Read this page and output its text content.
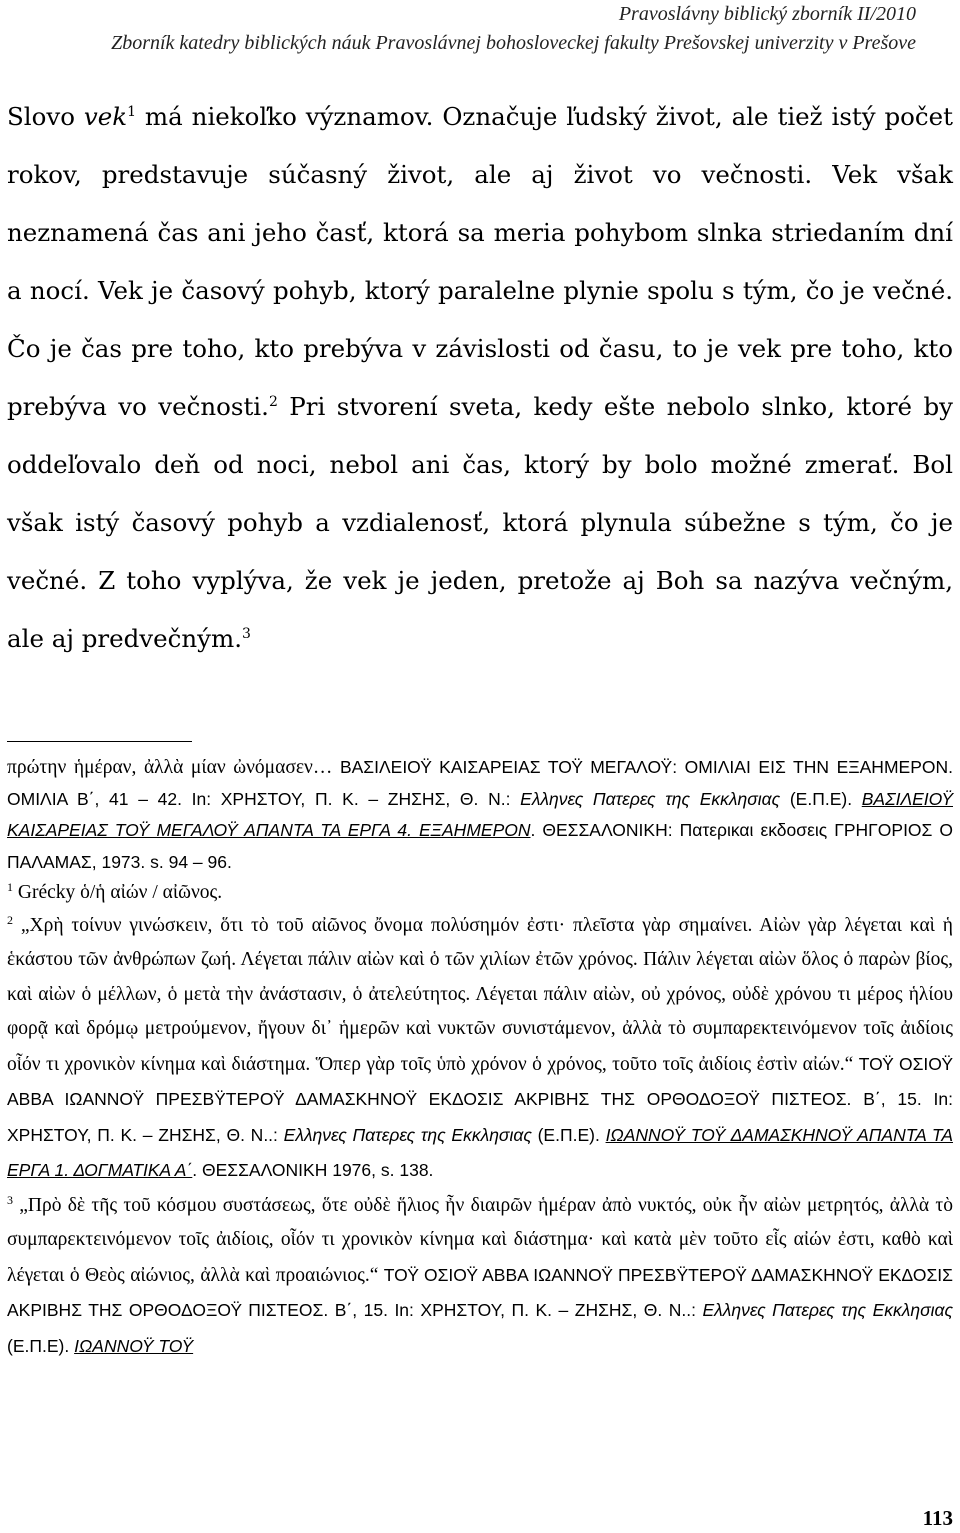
Pravoslávny biblický zborník II/2010
Zborník katedry biblických náuk Pravoslávnej bohosloveckej fakulty Prešovskej univerzity v Prešove

Slovo vek$^1$ má niekoľko významov. Označuje ľudský život, ale tiež istý počet rokov, predstavuje súčasný život, ale aj život vo večnosti. Vek však neznamená čas ani jeho časť, ktorá sa meria pohybom slnka striedaním dní a nocí. Vek je časový pohyb, ktorý paralelne plynie spolu s tým, čo je večné. Čo je čas pre toho, kto prebýva v závislosti od času, to je vek pre toho, kto prebýva vo večnosti.$^2$ Pri stvorení sveta, kedy ešte nebolo slnko, ktoré by oddeľovalo deň od noci, nebol ani čas, ktorý by bolo možné zmerať. Bol však istý časový pohyb a vzdialenosť, ktorá plynula súbežne s tým, čo je večné. Z toho vyplýva, že vek je jeden, pretože aj Boh sa nazýva večným, ale aj predvečným.$^3$

πρώτην ἡμέραν, ἀλλὰ μίαν ὠνόμασεν… ΒΑΣΙΛΕΙΟΫ ΚΑΙΣΑΡΕΙΑΣ ΤΟΫ ΜΕΓΑΛΟΫ: ΟΜΙΛΙΑΙ ΕΙΣ ΤΗΝ ΕΞΑΗΜΕΡΟΝ. ΟΜΙΛΙΑ Β΄, 41 – 42. In: ΧΡΗΣΤΟΥ, Π. Κ. – ΖΗΣΗΣ, Θ. Ν.: Ελληνες Πατερες της Εκκλησιας (Ε.Π.Ε). ΒΑΣΙΛΕΙΟΫ ΚΑΙΣΑΡΕΙΑΣ ΤΟΫ ΜΕΓΑΛΟΫ ΑΠΑΝΤΑ ΤΑ ΕΡΓΑ 4. ΕΞΑΗΜΕΡΟΝ. ΘΕΣΣΑΛΟΝΙΚΗ: Πατερικαι εκδοσεις ΓΡΗΓΟΡΙΟΣ Ο ΠΑΛΑΜΑΣ, 1973. s. 94 – 96.

$^1$ Grécky ὁ/ἡ αἰών / αἰῶνος.

$^2$ „Χρὴ τοίνυν γινώσκειν, ὅτι τὸ τοῦ αἰῶνος ὄνομα πολύσημόν ἐστι· πλεῖστα γὰρ σημαίνει. Αἰὼν γὰρ λέγεται καὶ ἡ ἑκάστου τῶν ἀνθρώπων ζωή. Λέγεται πάλιν αἰὼν καὶ ὁ τῶν χιλίων ἐτῶν χρόνος. Πάλιν λέγεται αἰὼν ὅλος ὁ παρὼν βίος, καὶ αἰὼν ὁ μέλλων, ὁ μετὰ τὴν ἀνάστασιν, ὁ ἀτελεύτητος. Λέγεται πάλιν αἰὼν, οὐ χρόνος, οὐδὲ χρόνου τι μέρος ἡλίου φορᾷ καὶ δρόμῳ μετρούμενον, ἤγουν δι᾿ ἡμερῶν καὶ νυκτῶν συνιστάμενον, ἀλλὰ τὸ συμπαρεκτεινόμενον τοῖς ἀιδίοις οἷόν τι χρονικὸν κίνημα καὶ διάστημα. Ὅπερ γὰρ τοῖς ὑπὸ χρόνον ὁ χρόνος, τοῦτο τοῖς ἀιδίοις ἐστὶν αἰών.“ ΤΟΫ ΟΣΙΟΫ ΑΒΒΑ ΙΩΑΝΝΟΫ ΠΡΕΣΒΫΤΕΡΟΫ ΔΑΜΑΣΚΗΝΟΫ ΕΚΔΟΣΙΣ ΑΚΡΙΒΗΣ ΤΗΣ ΟΡΘΟΔΟΞΟΫ ΠΙΣΤΕΟΣ. Β΄, 15. In: ΧΡΗΣΤΟΥ, Π. Κ. – ΖΗΣΗΣ, Θ. Ν..: Ελληνες Πατερες της Εκκλησιας (Ε.Π.Ε). ΙΩΑΝΝΟΫ ΤΟΫ ΔΑΜΑΣΚΗΝΟΫ ΑΠΑΝΤΑ ΤΑ ΕΡΓΑ 1. ΔΟΓΜΑΤΙΚΑ Α΄. ΘΕΣΣΑΛΟΝΙΚΗ 1976, s. 138.

$^3$ „Πρὸ δὲ τῆς τοῦ κόσμου συστάσεως, ὅτε οὐδὲ ἥλιος ἦν διαιρῶν ἡμέραν ἀπὸ νυκτός, οὐκ ἦν αἰὼν μετρητός, ἀλλὰ τὸ συμπαρεκτεινόμενον τοῖς ἀιδίοις, οἷόν τι χρονικὸν κίνημα καὶ διάστημα· καὶ κατὰ μὲν τοῦτο εἷς αἰών ἐστι, καθὸ καὶ λέγεται ὁ Θεὸς αἰώνιος, ἀλλὰ καὶ προαιώνιος.“ ΤΟΫ ΟΣΙΟΫ ΑΒΒΑ ΙΩΑΝΝΟΫ ΠΡΕΣΒΫΤΕΡΟΫ ΔΑΜΑΣΚΗΝΟΫ ΕΚΔΟΣΙΣ ΑΚΡΙΒΗΣ ΤΗΣ ΟΡΘΟΔΟΞΟΫ ΠΙΣΤΕΟΣ. Β΄, 15. In: ΧΡΗΣΤΟΥ, Π. Κ. – ΖΗΣΗΣ, Θ. Ν..: Ελληνες Πατερες της Εκκλησιας (Ε.Π.Ε). ΙΩΑΝΝΟΫ ΤΟΫ

113
